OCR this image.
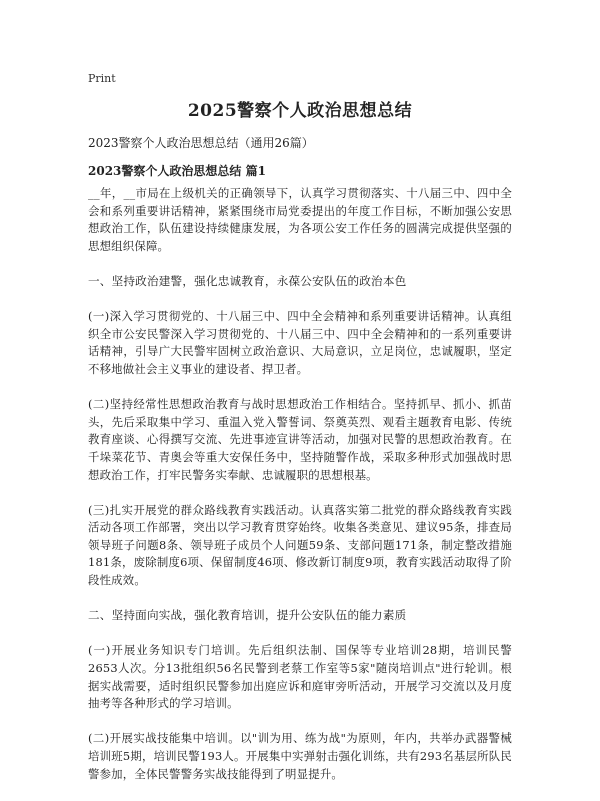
Print
2025警察个人政治思想总结
2023警察个人政治思想总结（通用26篇）
2023警察个人政治思想总结 篇1

__年，__市局在上级机关的正确领导下，认真学习贯彻落实、十八届三中、四中全会和系列重要讲话精神，紧紧围绕市局党委提出的年度工作目标，不断加强公安思想政治工作，队伍建设持续健康发展，为各项公安工作任务的圆满完成提供坚强的思想组织保障。

一、坚持政治建警，强化忠诚教育，永葆公安队伍的政治本色

(一)深入学习贯彻党的、十八届三中、四中全会精神和系列重要讲话精神。认真组织全市公安民警深入学习贯彻党的、十八届三中、四中全会精神和的一系列重要讲话精神，引导广大民警牢固树立政治意识、大局意识，立足岗位，忠诚履职，坚定不移地做社会主义事业的建设者、捍卫者。

(二)坚持经常性思想政治教育与战时思想政治工作相结合。坚持抓早、抓小、抓苗头，先后采取集中学习、重温入党入警誓词、祭奠英烈、观看主题教育电影、传统教育座谈、心得撰写交流、先进事迹宣讲等活动，加强对民警的思想政治教育。在千垛菜花节、青奥会等重大安保任务中，坚持随警作战，采取多种形式加强战时思想政治工作，打牢民警务实奉献、忠诚履职的思想根基。

(三)扎实开展党的群众路线教育实践活动。认真落实第二批党的群众路线教育实践活动各项工作部署，突出以学习教育贯穿始终。收集各类意见、建议95条，排查局领导班子问题8条、领导班子成员个人问题59条、支部问题171条，制定整改措施181条，废除制度6项、保留制度46项、修改新订制度9项，教育实践活动取得了阶段性成效。

二、坚持面向实战，强化教育培训，提升公安队伍的能力素质

(一)开展业务知识专门培训。先后组织法制、国保等专业培训28期，培训民警2653人次。分13批组织56名民警到老蔡工作室等5家"随岗培训点"进行轮训。根据实战需要，适时组织民警参加出庭应诉和庭审旁听活动，开展学习交流以及月度抽考等各种形式的学习培训。

(二)开展实战技能集中培训。以"训为用、练为战"为原则，年内，共举办武器警械培训班5期，培训民警193人。开展集中实弹射击强化训练，共有293名基层所队民警参加，全体民警警务实战技能得到了明显提升。
